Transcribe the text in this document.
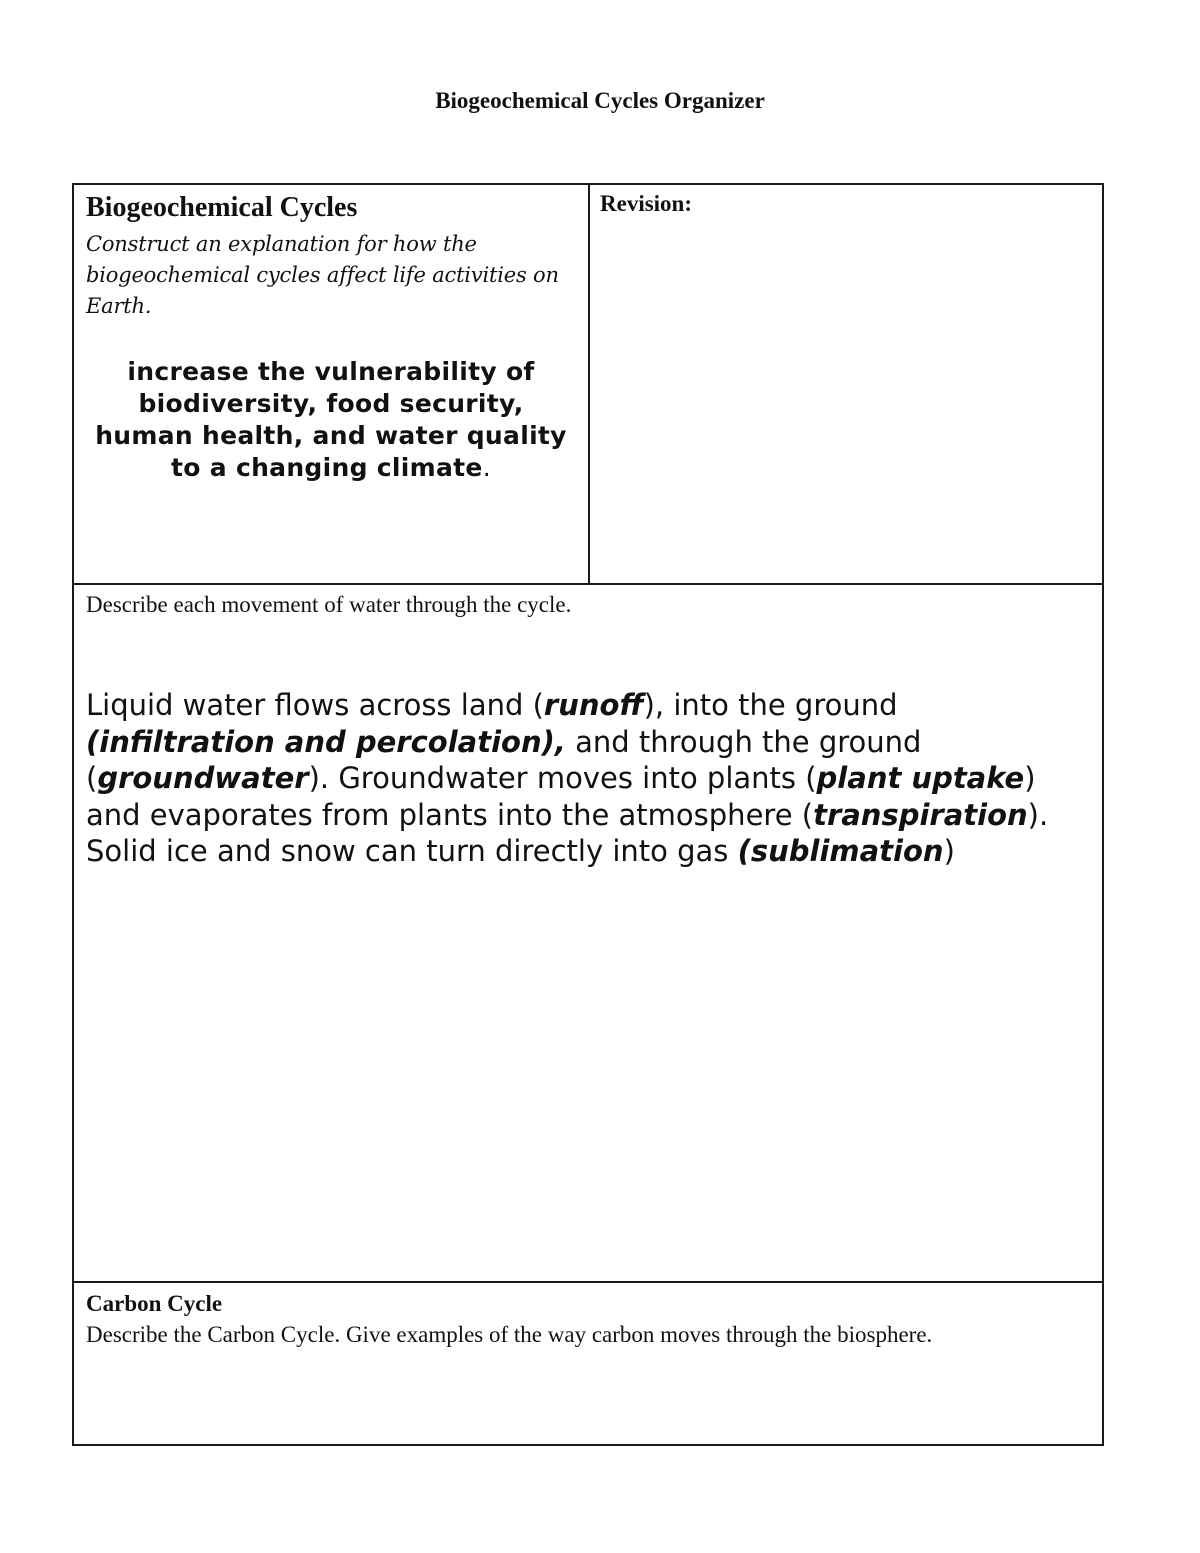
Biogeochemical Cycles Organizer

Biogeochemical Cycles

Construct an explanation for how the biogeochemical cycles affect life activities on Earth.

increase the vulnerability of biodiversity, food security, human health, and water quality to a changing climate.

Revision:

Describe each movement of water through the cycle.

Liquid water flows across land (runoff), into the ground (infiltration and percolation), and through the ground (groundwater). Groundwater moves into plants (plant uptake) and evaporates from plants into the atmosphere (transpiration). Solid ice and snow can turn directly into gas (sublimation)

Carbon Cycle

Describe the Carbon Cycle. Give examples of the way carbon moves through the biosphere.
